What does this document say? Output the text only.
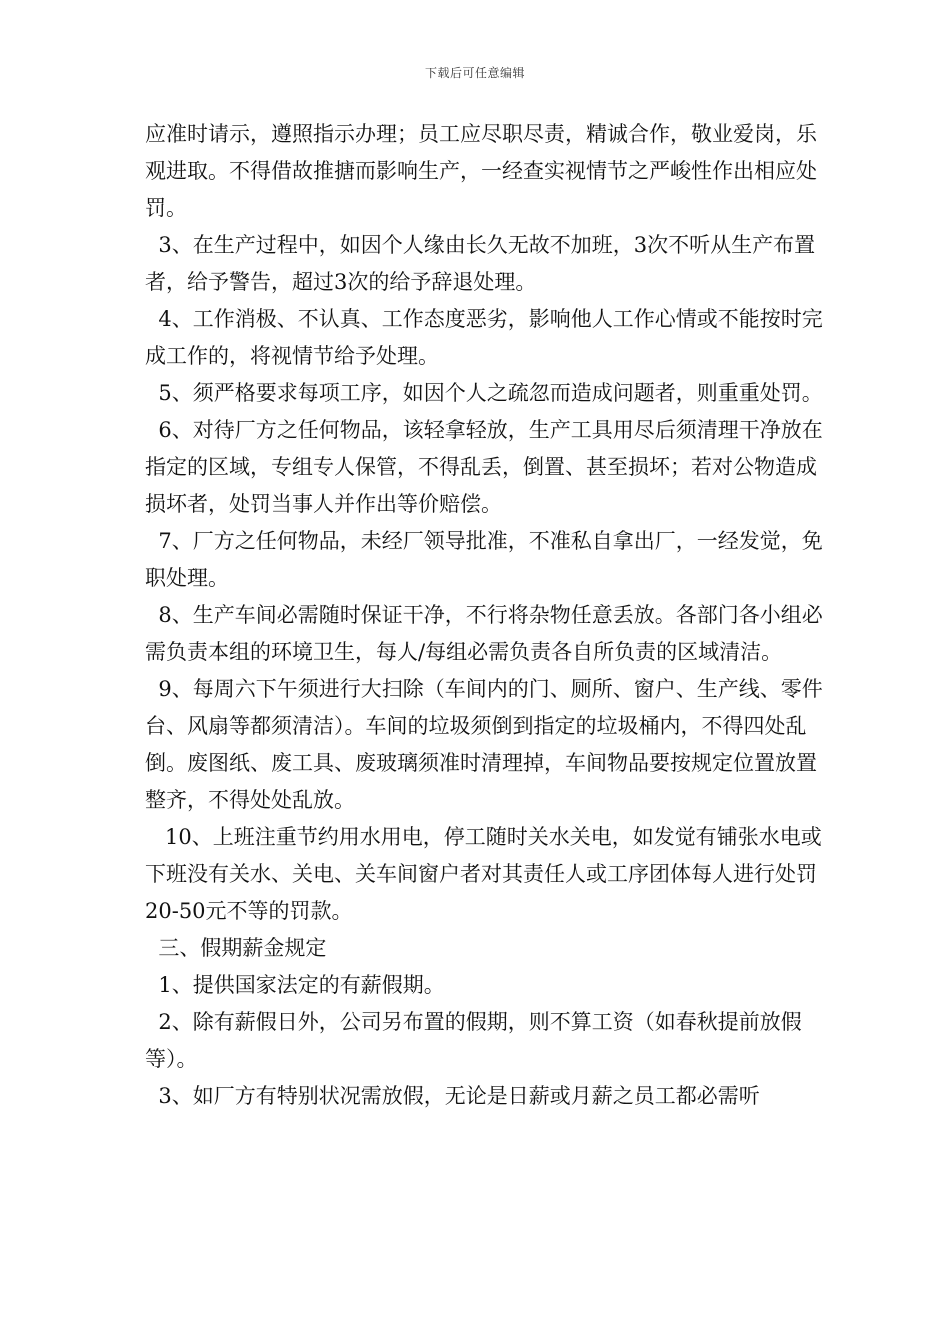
下载后可任意编辑

应准时请示，遵照指示办理；员工应尽职尽责，精诚合作，敬业爱岗，乐观进取。不得借故推搪而影响生产，一经查实视情节之严峻性作出相应处罚。

3、在生产过程中，如因个人缘由长久无故不加班，3次不听从生产布置者，给予警告，超过3次的给予辞退处理。

4、工作消极、不认真、工作态度恶劣，影响他人工作心情或不能按时完成工作的，将视情节给予处理。

5、须严格要求每项工序，如因个人之疏忽而造成问题者，则重重处罚。

6、对待厂方之任何物品，该轻拿轻放，生产工具用尽后须清理干净放在指定的区域，专组专人保管，不得乱丢，倒置、甚至损坏；若对公物造成损坏者，处罚当事人并作出等价赔偿。

7、厂方之任何物品，未经厂领导批准，不准私自拿出厂，一经发觉，免职处理。

8、生产车间必需随时保证干净，不行将杂物任意丢放。各部门各小组必需负责本组的环境卫生，每人/每组必需负责各自所负责的区域清洁。

9、每周六下午须进行大扫除（车间内的门、厕所、窗户、生产线、零件台、风扇等都须清洁）。车间的垃圾须倒到指定的垃圾桶内，不得四处乱倒。废图纸、废工具、废玻璃须准时清理掉，车间物品要按规定位置放置整齐，不得处处乱放。

10、上班注重节约用水用电，停工随时关水关电，如发觉有铺张水电或下班没有关水、关电、关车间窗户者对其责任人或工序团体每人进行处罚20-50元不等的罚款。

三、假期薪金规定

1、提供国家法定的有薪假期。

2、除有薪假日外，公司另布置的假期，则不算工资（如春秋提前放假等）。

3、如厂方有特别状况需放假，无论是日薪或月薪之员工都必需听
